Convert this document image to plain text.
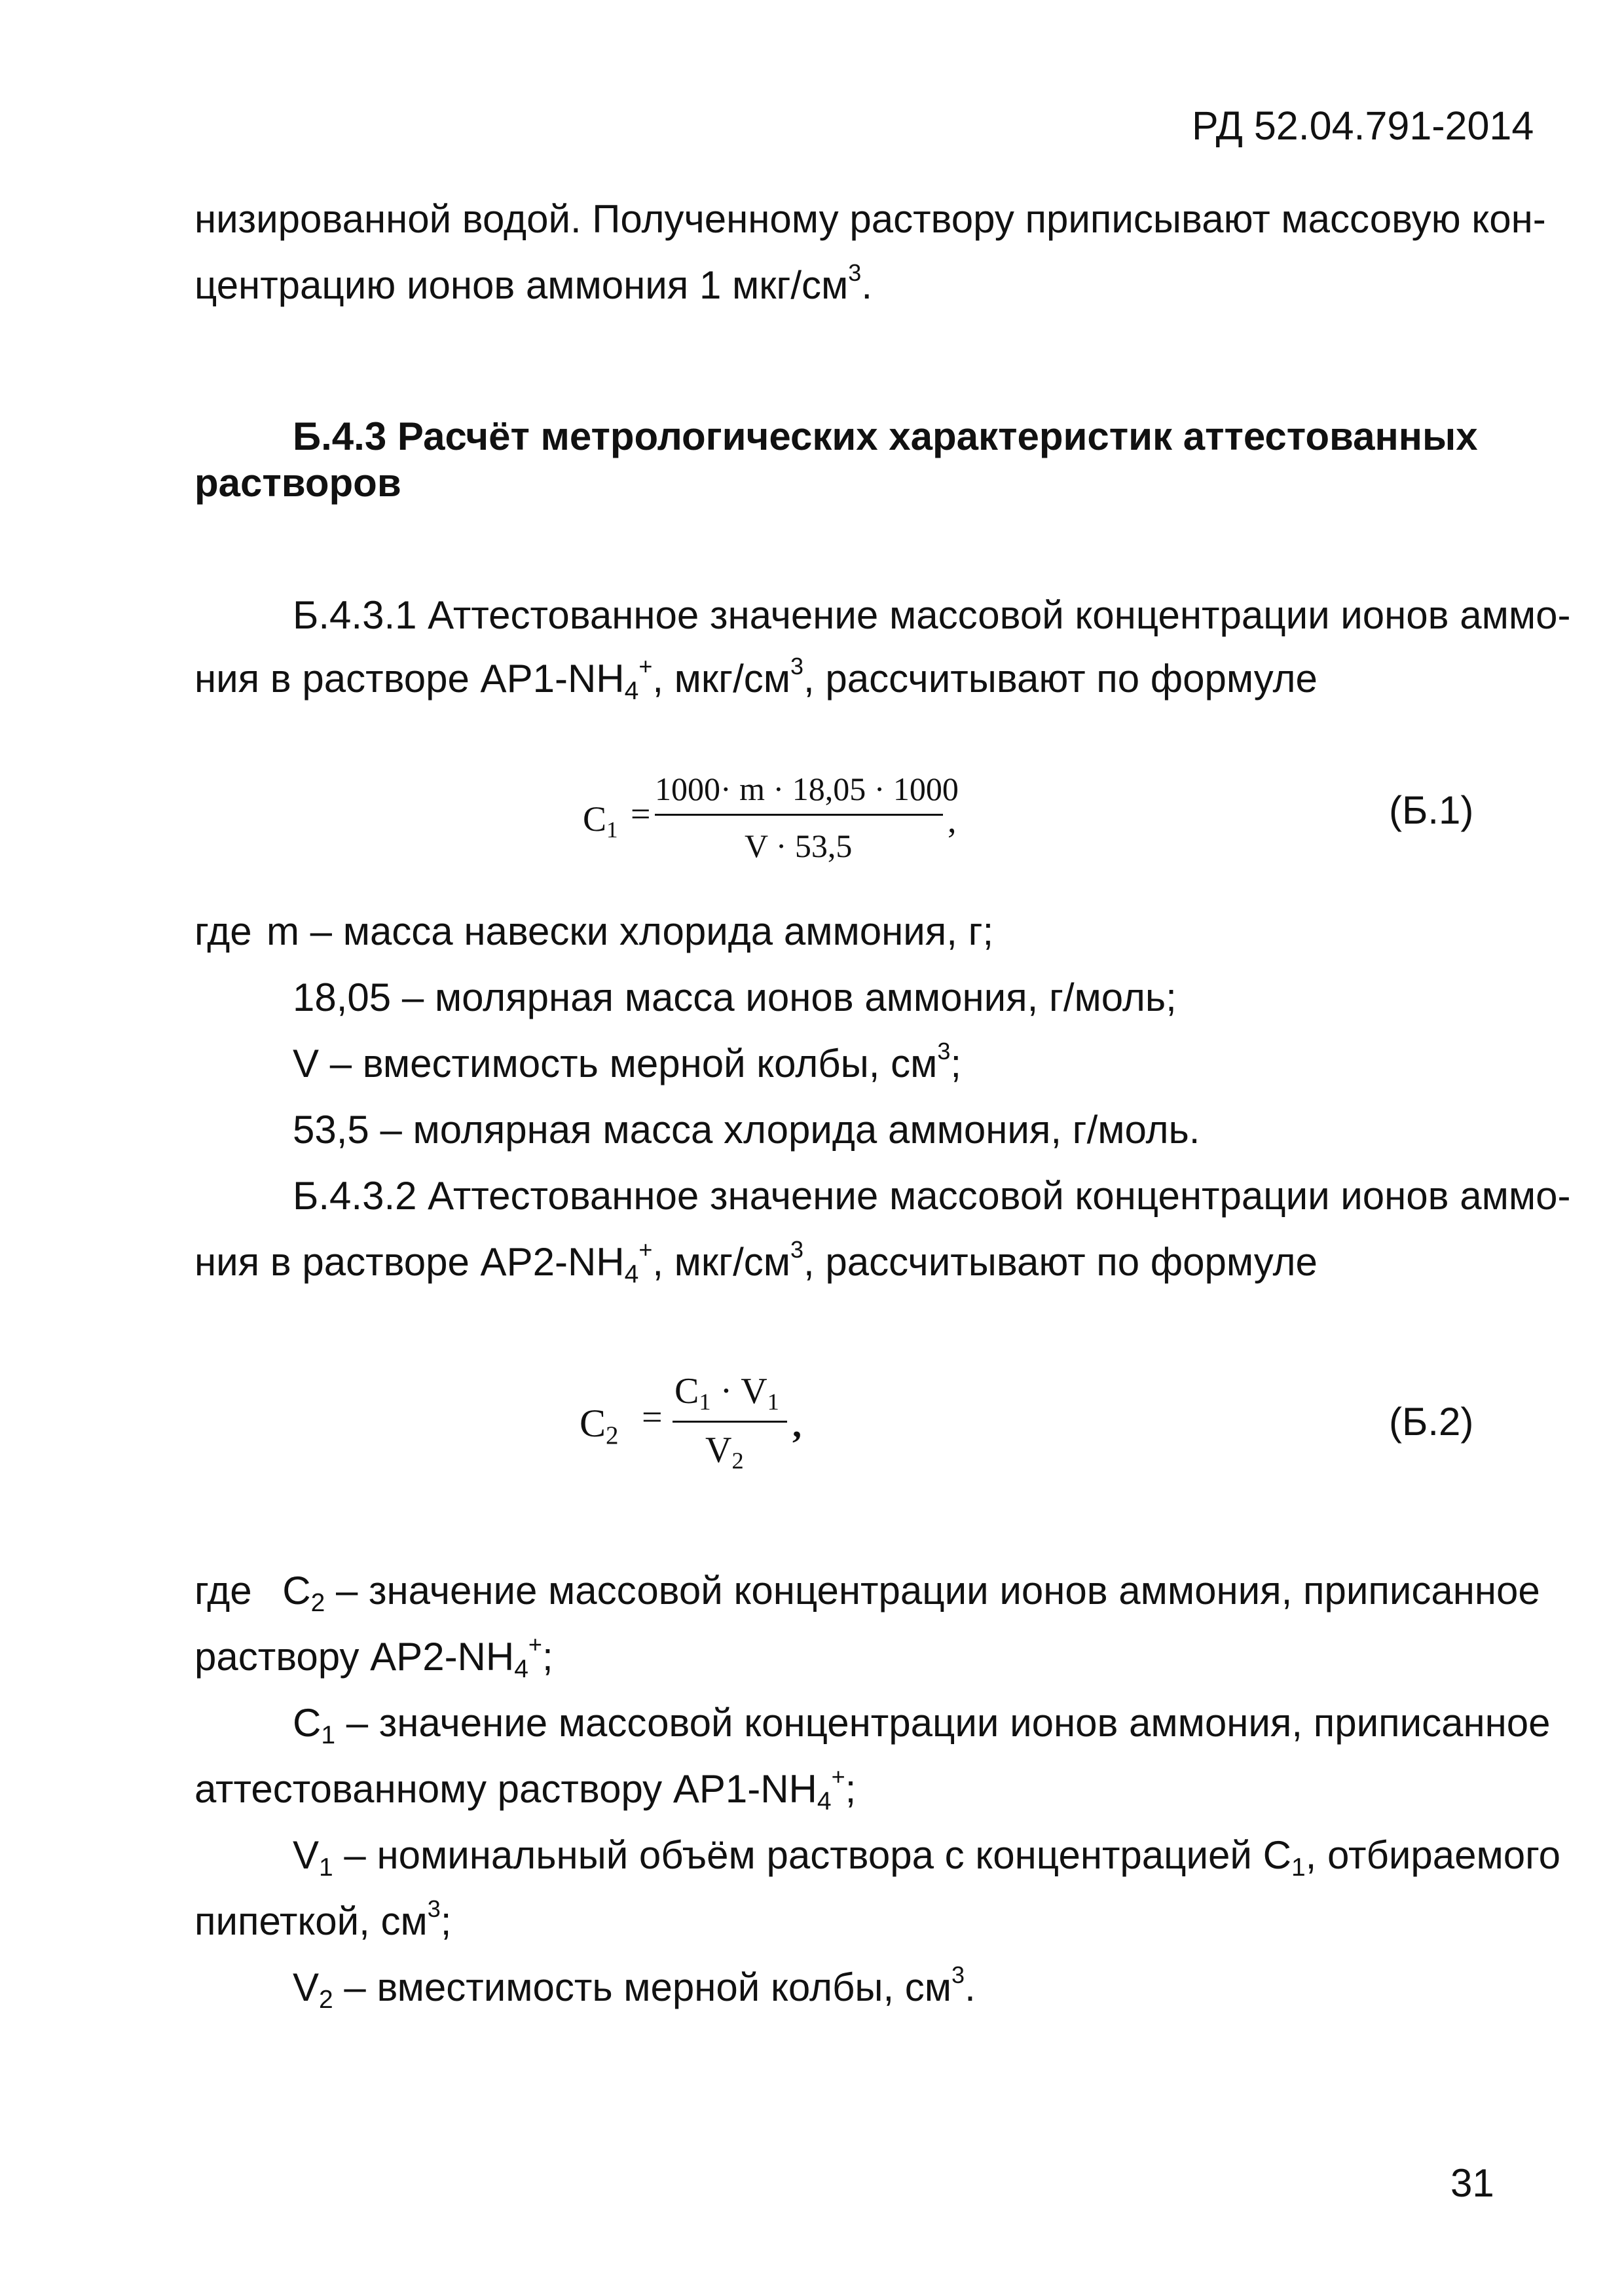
РД 52.04.791-2014
низированной водой. Полученному раствору приписывают массовую кон-
центрацию ионов аммония 1 мкг/$см^3$.
Б.4.3 Расчёт метрологических характеристик аттестованных
растворов
Б.4.3.1 Аттестованное значение массовой концентрации ионов аммо-
ния в растворе $АР1-NH_4^+$, мкг/$см^3$, рассчитывают по формуле
$C_1$ =
1000· m · 18,05 · 1000
V · 53,5
,	(Б.1)
где m – масса навески хлорида аммония, г;
18,05 – молярная масса ионов аммония, г/моль;
V – вместимость мерной колбы, $см^3$;
53,5 – молярная масса хлорида аммония, г/моль.
Б.4.3.2 Аттестованное значение массовой концентрации ионов аммо-
ния в растворе $АР2-NH_4^+$, мкг/$см^3$, рассчитывают по формуле
$C_2$ =
$C_1 \cdot V_1$
$V_2$
,	(Б.2)
где $C_2$ – значение массовой концентрации ионов аммония, приписанное
раствору $АР2-NH_4^+$;
$C_1$ – значение массовой концентрации ионов аммония, приписанное
аттестованному раствору $АР1-NH_4^+$;
$V_1$ – номинальный объём раствора с концентрацией $C_1$, отбираемого
пипеткой, $см^3$;
$V_2$ – вместимость мерной колбы, $см^3$.
31
